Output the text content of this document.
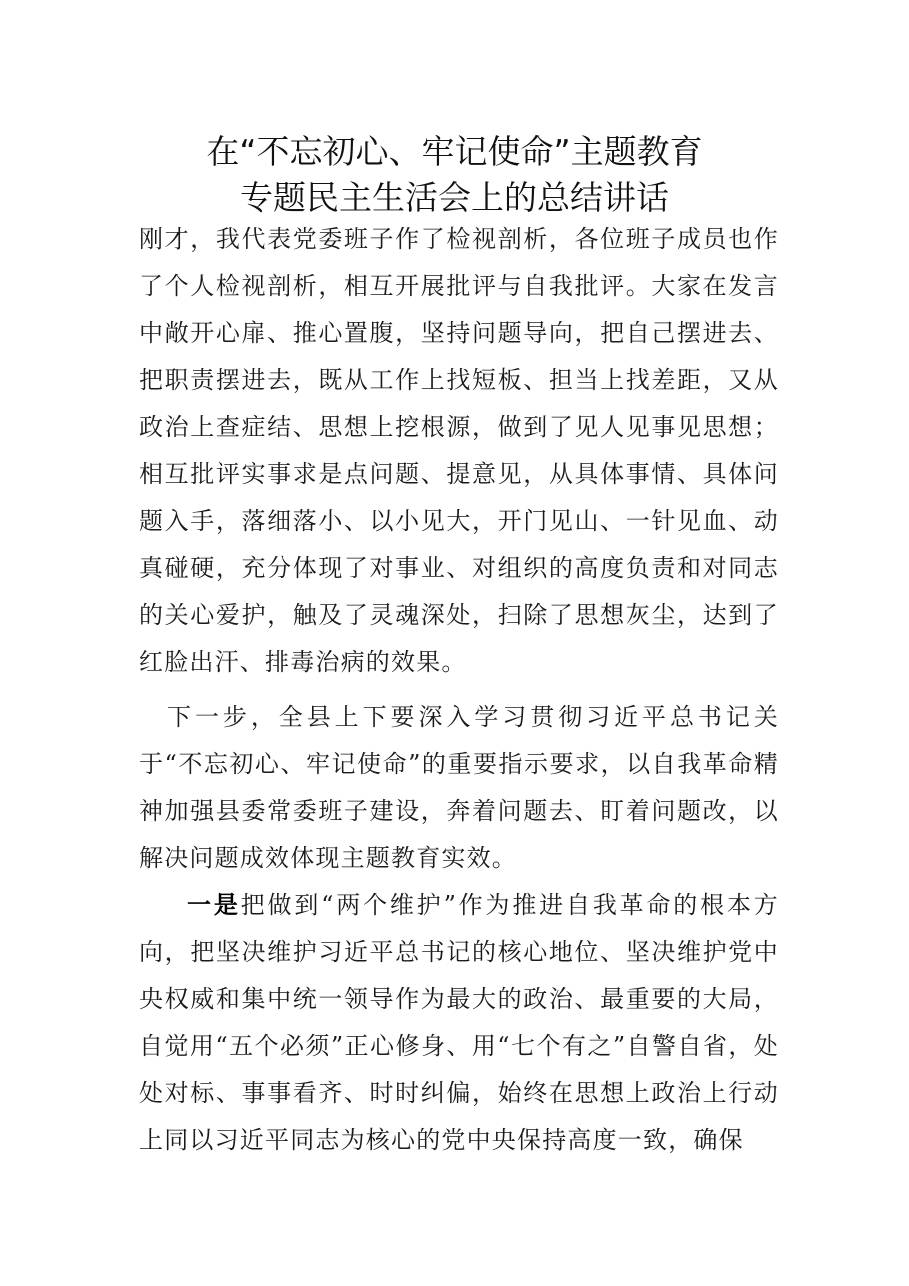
在“不忘初心、牢记使命”主题教育
专题民主生活会上的总结讲话

刚才，我代表党委班子作了检视剖析，各位班子成员也作了个人检视剖析，相互开展批评与自我批评。大家在发言中敞开心扉、推心置腹，坚持问题导向，把自己摆进去、把职责摆进去，既从工作上找短板、担当上找差距，又从政治上查症结、思想上挖根源，做到了见人见事见思想；相互批评实事求是点问题、提意见，从具体事情、具体问题入手，落细落小、以小见大，开门见山、一针见血、动真碰硬，充分体现了对事业、对组织的高度负责和对同志的关心爱护，触及了灵魂深处，扫除了思想灰尘，达到了红脸出汗、排毒治病的效果。

下一步，全县上下要深入学习贯彻习近平总书记关于“不忘初心、牢记使命”的重要指示要求，以自我革命精神加强县委常委班子建设，奔着问题去、盯着问题改，以解决问题成效体现主题教育实效。

一是把做到“两个维护”作为推进自我革命的根本方向，把坚决维护习近平总书记的核心地位、坚决维护党中央权威和集中统一领导作为最大的政治、最重要的大局，自觉用“五个必须”正心修身、用“七个有之”自警自省，处处对标、事事看齐、时时纠偏，始终在思想上政治上行动上同以习近平同志为核心的党中央保持高度一致，确保
